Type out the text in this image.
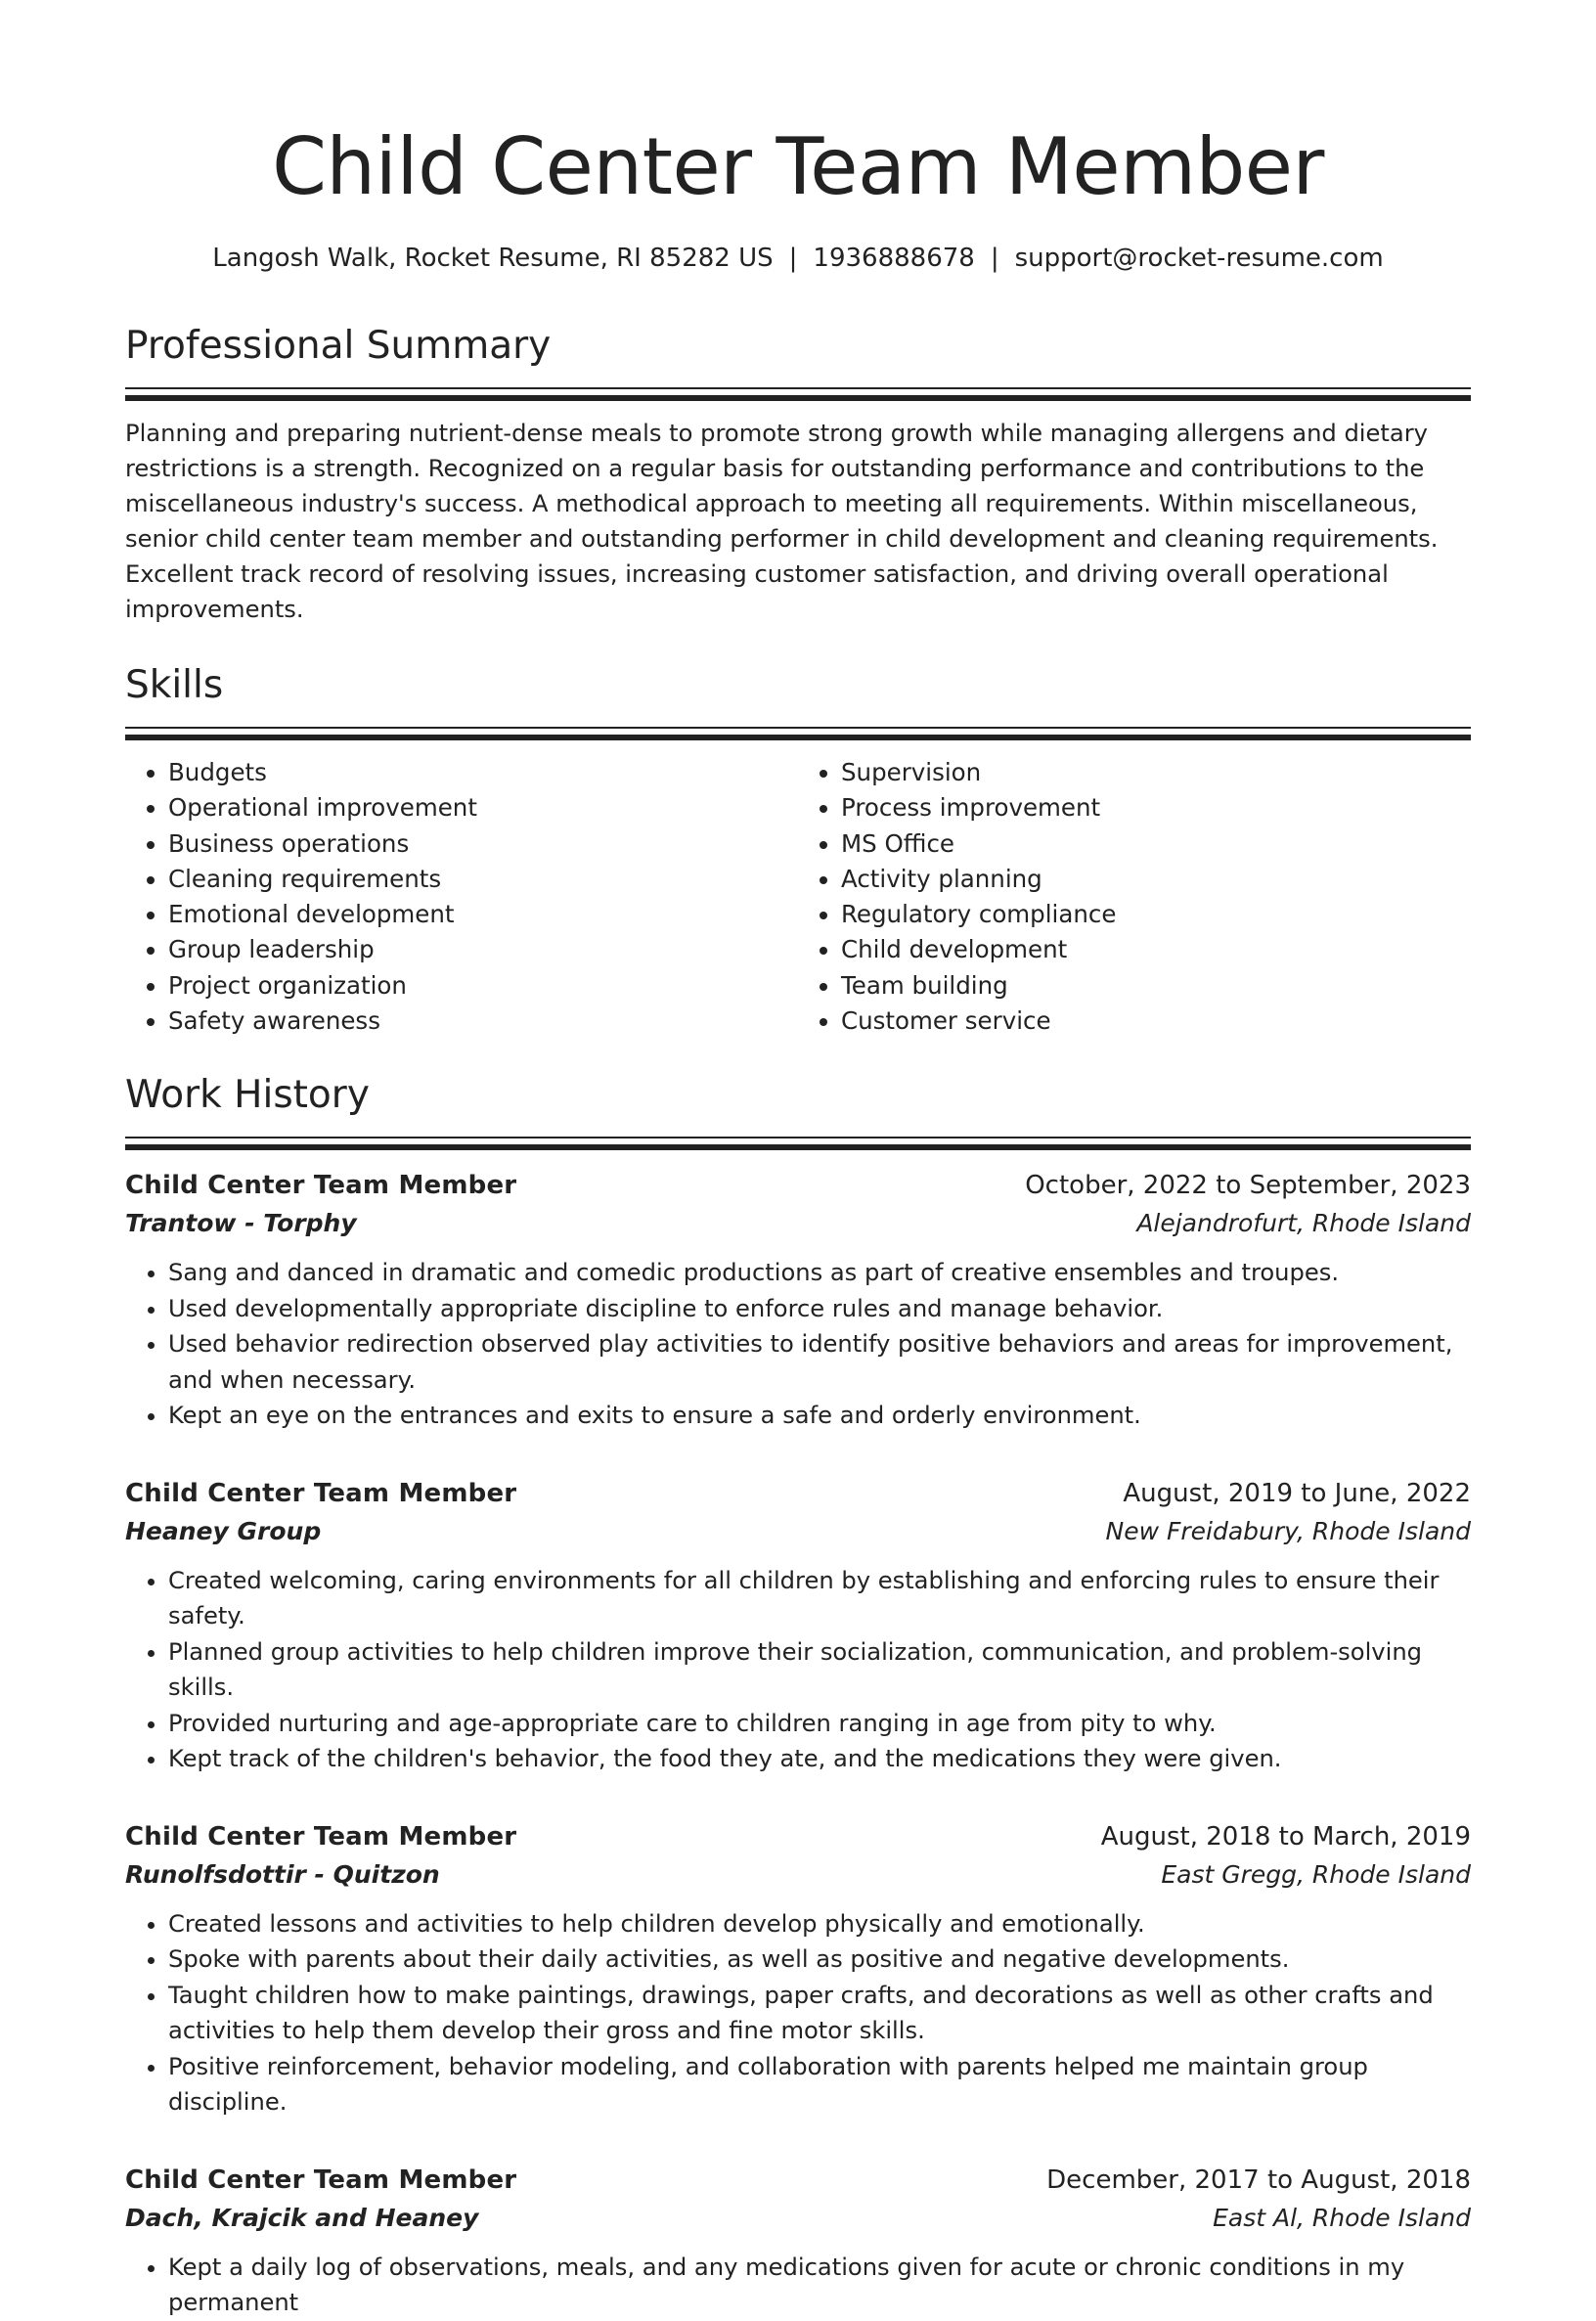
Child Center Team Member
Langosh Walk, Rocket Resume, RI 85282 US | 1936888678 | support@rocket-resume.com
Professional Summary

Planning and preparing nutrient-dense meals to promote strong growth while managing allergens and dietary restrictions is a strength. Recognized on a regular basis for outstanding performance and contributions to the miscellaneous industry's success. A methodical approach to meeting all requirements. Within miscellaneous, senior child center team member and outstanding performer in child development and cleaning requirements. Excellent track record of resolving issues, increasing customer satisfaction, and driving overall operational improvements.

Skills
• Budgets
• Operational improvement
• Business operations
• Cleaning requirements
• Emotional development
• Group leadership
• Project organization
• Safety awareness
• Supervision
• Process improvement
• MS Office
• Activity planning
• Regulatory compliance
• Child development
• Team building
• Customer service
Work History
Child Center Team Member	October, 2022 to September, 2023
Trantow - Torphy	Alejandrofurt, Rhode Island
• Sang and danced in dramatic and comedic productions as part of creative ensembles and troupes.
• Used developmentally appropriate discipline to enforce rules and manage behavior.
• Used behavior redirection observed play activities to identify positive behaviors and areas for improvement, and when necessary.
• Kept an eye on the entrances and exits to ensure a safe and orderly environment.
Child Center Team Member	August, 2019 to June, 2022
Heaney Group	New Freidabury, Rhode Island
• Created welcoming, caring environments for all children by establishing and enforcing rules to ensure their safety.
• Planned group activities to help children improve their socialization, communication, and problem-solving skills.
• Provided nurturing and age-appropriate care to children ranging in age from pity to why.
• Kept track of the children's behavior, the food they ate, and the medications they were given.
Child Center Team Member	August, 2018 to March, 2019
Runolfsdottir - Quitzon	East Gregg, Rhode Island
• Created lessons and activities to help children develop physically and emotionally.
• Spoke with parents about their daily activities, as well as positive and negative developments.
• Taught children how to make paintings, drawings, paper crafts, and decorations as well as other crafts and activities to help them develop their gross and fine motor skills.
• Positive reinforcement, behavior modeling, and collaboration with parents helped me maintain group discipline.
Child Center Team Member	December, 2017 to August, 2018
Dach, Krajcik and Heaney	East Al, Rhode Island
• Kept a daily log of observations, meals, and any medications given for acute or chronic conditions in my permanent
